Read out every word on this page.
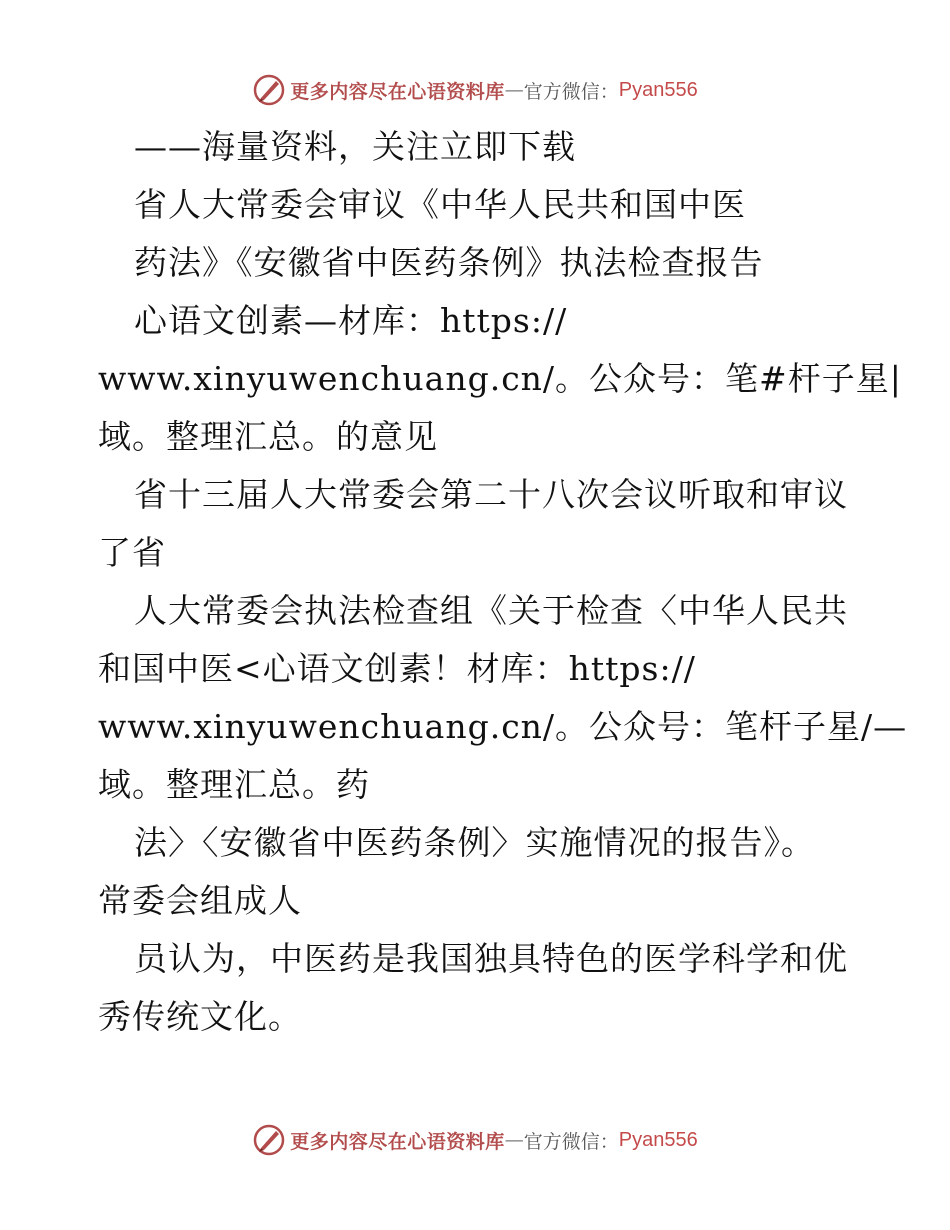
更多内容尽在心语资料库 — 官方微信： Pyan556
——海量资料，关注立即下载
省人大常委会审议《中华人民共和国中医
药法》《安徽省中医药条例》执法检查报告
心语文创素—材库：https://
www.xinyuwenchuang.cn/。公众号：笔#杆子星|
域。整理汇总。的意见
省十三届人大常委会第二十八次会议听取和审议
了省
人大常委会执法检查组《关于检查〈中华人民共
和国中医<心语文创素！材库：https://
www.xinyuwenchuang.cn/。公众号：笔杆子星/—
域。整理汇总。药
法〉〈安徽省中医药条例〉实施情况的报告》。
常委会组成人
员认为，中医药是我国独具特色的医学科学和优
秀传统文化。
更多内容尽在心语资料库 — 官方微信： Pyan556
